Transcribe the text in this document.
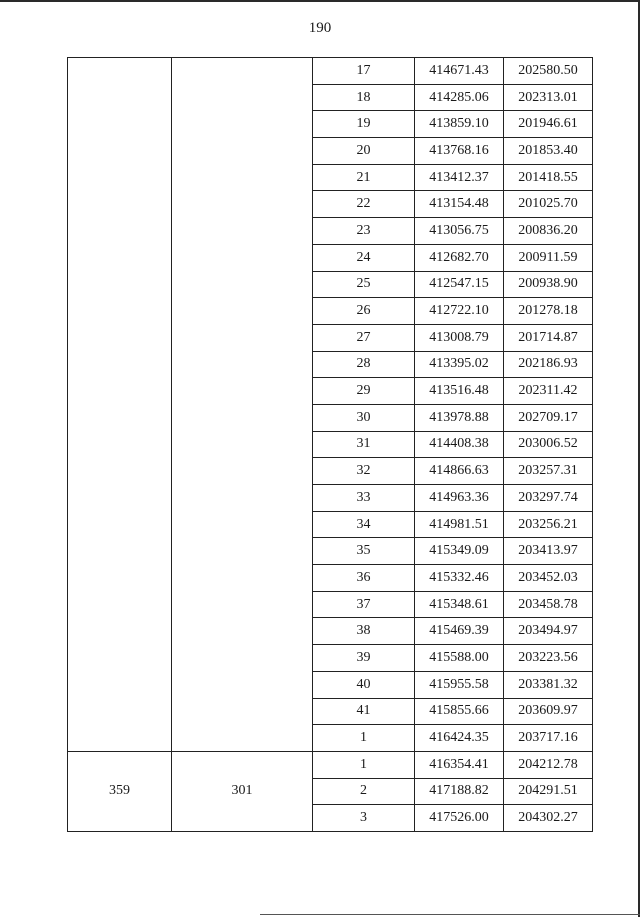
190
		17	414671.43	202580.50
		18	414285.06	202313.01
		19	413859.10	201946.61
		20	413768.16	201853.40
		21	413412.37	201418.55
		22	413154.48	201025.70
		23	413056.75	200836.20
		24	412682.70	200911.59
		25	412547.15	200938.90
		26	412722.10	201278.18
		27	413008.79	201714.87
		28	413395.02	202186.93
		29	413516.48	202311.42
		30	413978.88	202709.17
		31	414408.38	203006.52
		32	414866.63	203257.31
		33	414963.36	203297.74
		34	414981.51	203256.21
		35	415349.09	203413.97
		36	415332.46	203452.03
		37	415348.61	203458.78
		38	415469.39	203494.97
		39	415588.00	203223.56
		40	415955.58	203381.32
		41	415855.66	203609.97
		1	416424.35	203717.16
359	301	1	416354.41	204212.78
		2	417188.82	204291.51
		3	417526.00	204302.27
